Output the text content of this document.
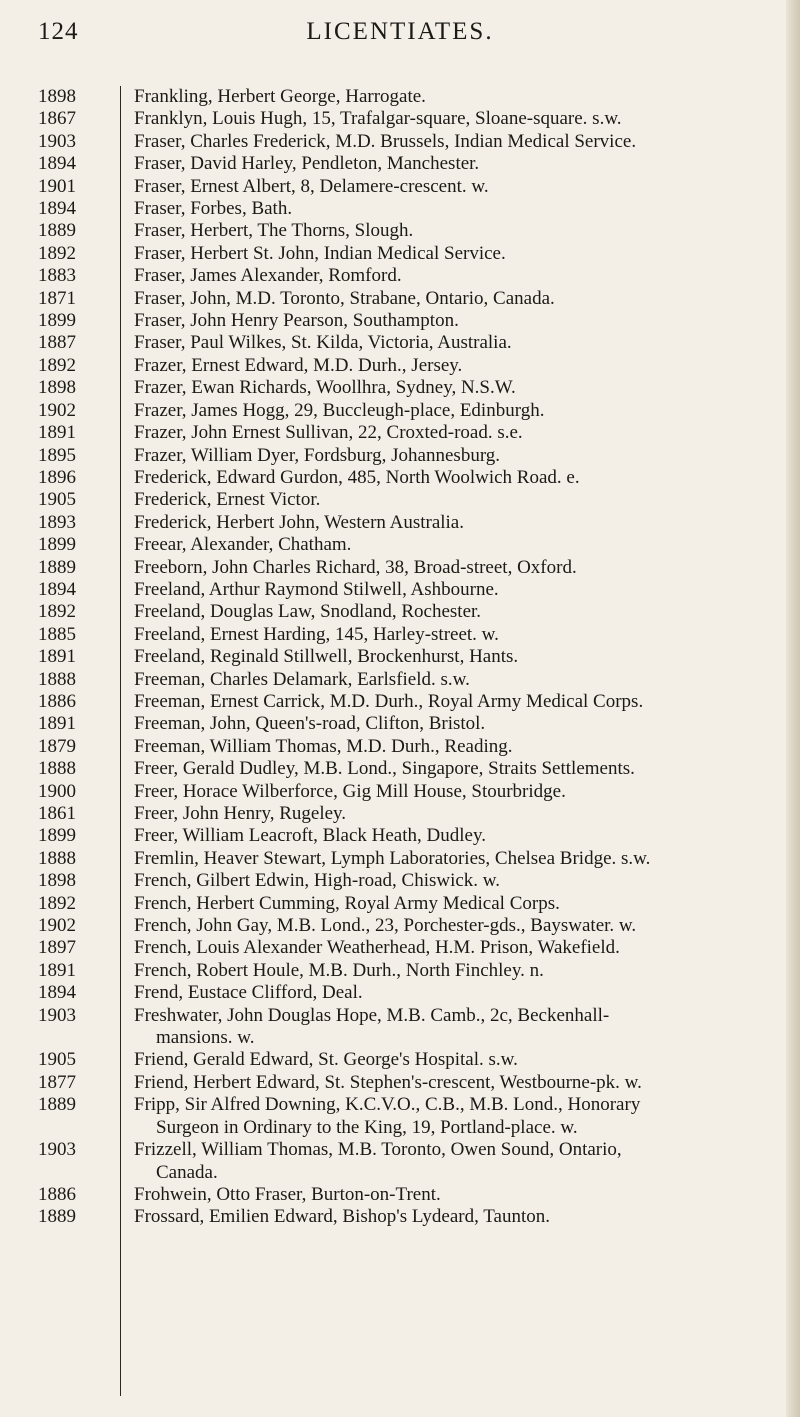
124	LICENTIATES.
1898	Frankling, Herbert George, Harrogate.
1867	Franklyn, Louis Hugh, 15, Trafalgar-square, Sloane-square. s.w.
1903	Fraser, Charles Frederick, M.D. Brussels, Indian Medical Service.
1894	Fraser, David Harley, Pendleton, Manchester.
1901	Fraser, Ernest Albert, 8, Delamere-crescent. w.
1894	Fraser, Forbes, Bath.
1889	Fraser, Herbert, The Thorns, Slough.
1892	Fraser, Herbert St. John, Indian Medical Service.
1883	Fraser, James Alexander, Romford.
1871	Fraser, John, M.D. Toronto, Strabane, Ontario, Canada.
1899	Fraser, John Henry Pearson, Southampton.
1887	Fraser, Paul Wilkes, St. Kilda, Victoria, Australia.
1892	Frazer, Ernest Edward, M.D. Durh., Jersey.
1898	Frazer, Ewan Richards, Woollhra, Sydney, N.S.W.
1902	Frazer, James Hogg, 29, Buccleugh-place, Edinburgh.
1891	Frazer, John Ernest Sullivan, 22, Croxted-road. s.e.
1895	Frazer, William Dyer, Fordsburg, Johannesburg.
1896	Frederick, Edward Gurdon, 485, North Woolwich Road. e.
1905	Frederick, Ernest Victor.
1893	Frederick, Herbert John, Western Australia.
1899	Freear, Alexander, Chatham.
1889	Freeborn, John Charles Richard, 38, Broad-street, Oxford.
1894	Freeland, Arthur Raymond Stilwell, Ashbourne.
1892	Freeland, Douglas Law, Snodland, Rochester.
1885	Freeland, Ernest Harding, 145, Harley-street. w.
1891	Freeland, Reginald Stillwell, Brockenhurst, Hants.
1888	Freeman, Charles Delamark, Earlsfield. s.w.
1886	Freeman, Ernest Carrick, M.D. Durh., Royal Army Medical Corps.
1891	Freeman, John, Queen's-road, Clifton, Bristol.
1879	Freeman, William Thomas, M.D. Durh., Reading.
1888	Freer, Gerald Dudley, M.B. Lond., Singapore, Straits Settlements.
1900	Freer, Horace Wilberforce, Gig Mill House, Stourbridge.
1861	Freer, John Henry, Rugeley.
1899	Freer, William Leacroft, Black Heath, Dudley.
1888	Fremlin, Heaver Stewart, Lymph Laboratories, Chelsea Bridge. s.w.
1898	French, Gilbert Edwin, High-road, Chiswick. w.
1892	French, Herbert Cumming, Royal Army Medical Corps.
1902	French, John Gay, M.B. Lond., 23, Porchester-gds., Bayswater. w.
1897	French, Louis Alexander Weatherhead, H.M. Prison, Wakefield.
1891	French, Robert Houle, M.B. Durh., North Finchley. n.
1894	Frend, Eustace Clifford, Deal.
1903	Freshwater, John Douglas Hope, M.B. Camb., 2c, Beckenhall-
mansions. w.
1905	Friend, Gerald Edward, St. George's Hospital. s.w.
1877	Friend, Herbert Edward, St. Stephen's-crescent, Westbourne-pk. w.
1889	Fripp, Sir Alfred Downing, K.C.V.O., C.B., M.B. Lond., Honorary
Surgeon in Ordinary to the King, 19, Portland-place. w.
1903	Frizzell, William Thomas, M.B. Toronto, Owen Sound, Ontario,
Canada.
1886	Frohwein, Otto Fraser, Burton-on-Trent.
1889	Frossard, Emilien Edward, Bishop's Lydeard, Taunton.
